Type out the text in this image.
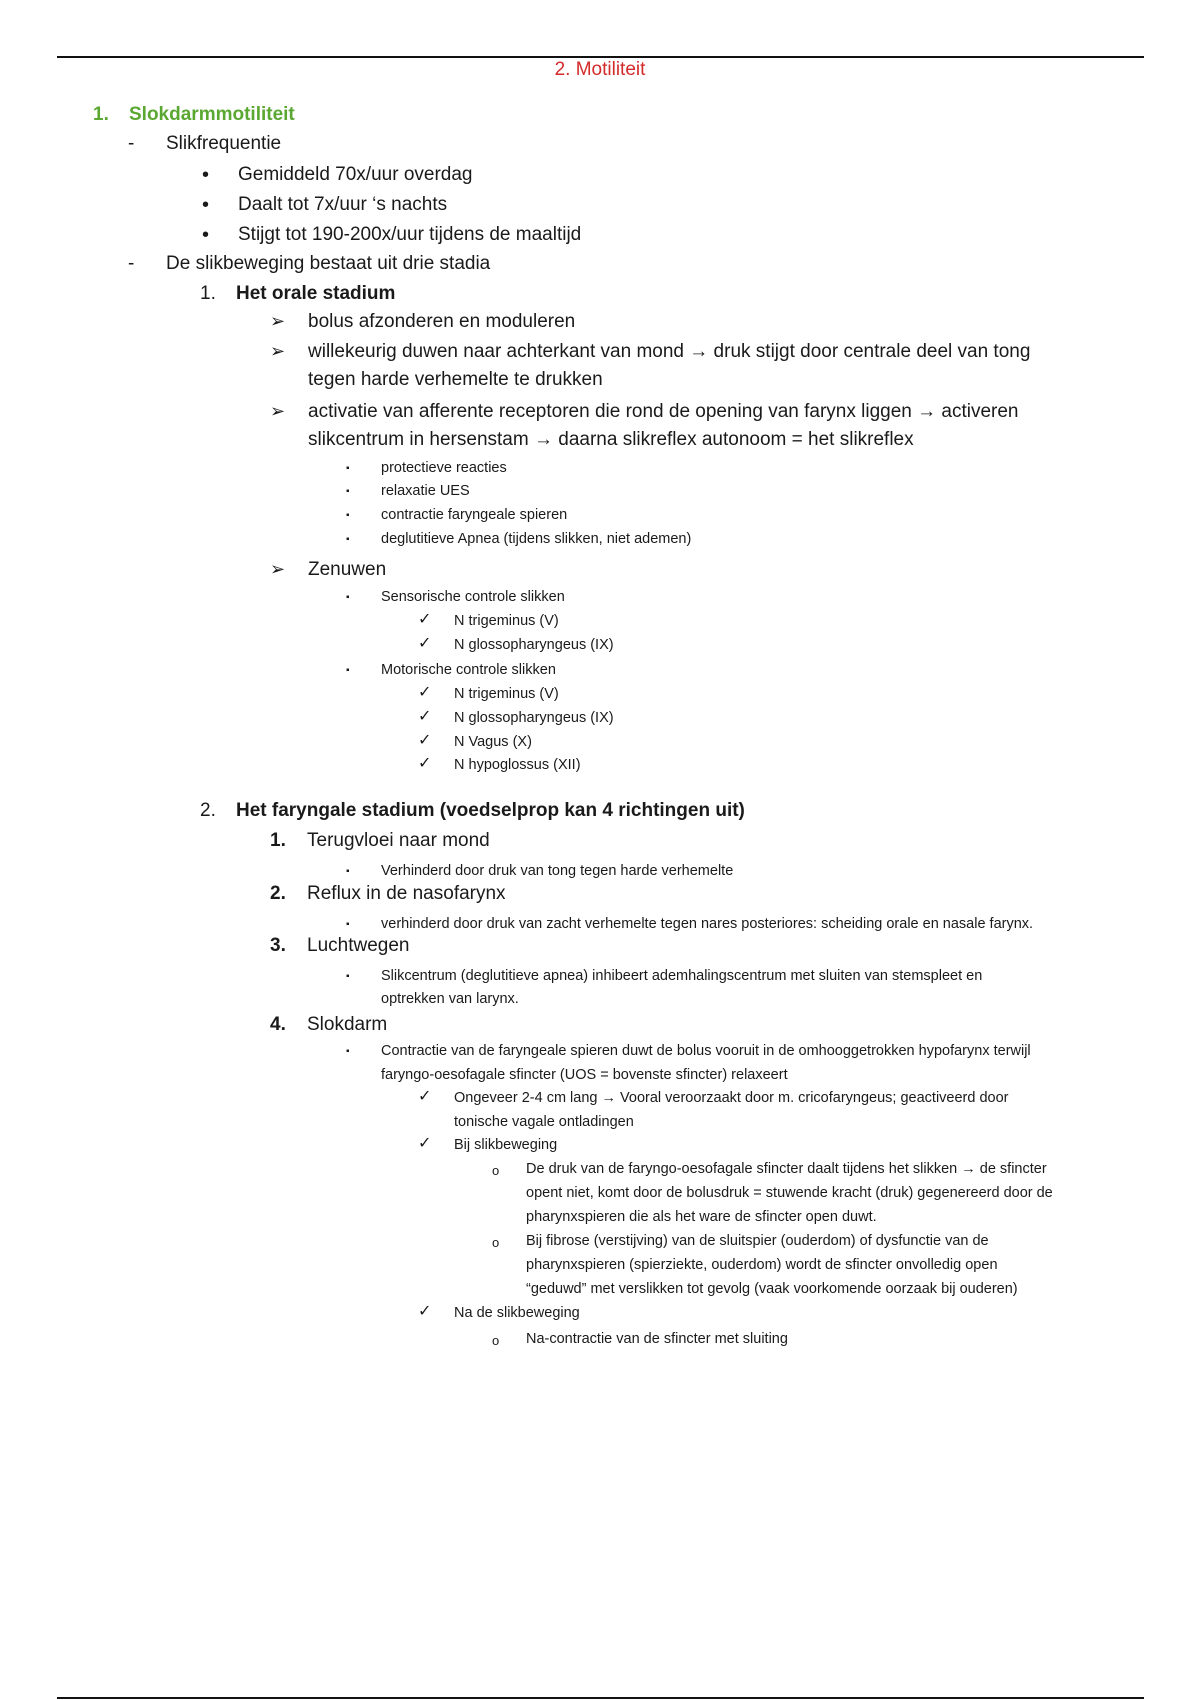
2. Motiliteit
1. Slokdarmmotiliteit
- Slikfrequentie
• Gemiddeld 70x/uur overdag
• Daalt tot 7x/uur ‘s nachts
• Stijgt tot 190-200x/uur tijdens de maaltijd
- De slikbeweging bestaat uit drie stadia
1. Het orale stadium
➢ bolus afzonderen en moduleren
➢ willekeurig duwen naar achterkant van mond → druk stijgt door centrale deel van tong
tegen harde verhemelte te drukken
➢ activatie van afferente receptoren die rond de opening van farynx liggen → activeren
slikcentrum in hersenstam → daarna slikreflex autonoom = het slikreflex
▪ protectieve reacties
▪ relaxatie UES
▪ contractie faryngeale spieren
▪ deglutitieve Apnea (tijdens slikken, niet ademen)
➢ Zenuwen
▪ Sensorische controle slikken
✓ N trigeminus (V)
✓ N glossopharyngeus (IX)
▪ Motorische controle slikken
✓ N trigeminus (V)
✓ N glossopharyngeus (IX)
✓ N Vagus (X)
✓ N hypoglossus (XII)
2. Het faryngale stadium (voedselprop kan 4 richtingen uit)
1. Terugvloei naar mond
▪ Verhinderd door druk van tong tegen harde verhemelte
2. Reflux in de nasofarynx
▪ verhinderd door druk van zacht verhemelte tegen nares posteriores: scheiding orale en nasale farynx.
3. Luchtwegen
▪ Slikcentrum (deglutitieve apnea) inhibeert ademhalingscentrum met sluiten van stemspleet en
optrekken van larynx.
4. Slokdarm
▪ Contractie van de faryngeale spieren duwt de bolus vooruit in de omhooggetrokken hypofarynx terwijl
faryngo-oesofagale sfincter (UOS = bovenste sfincter) relaxeert
✓ Ongeveer 2-4 cm lang → Vooral veroorzaakt door m. cricofaryngeus; geactiveerd door
tonische vagale ontladingen
✓ Bij slikbeweging
o De druk van de faryngo-oesofagale sfincter daalt tijdens het slikken → de sfincter
opent niet, komt door de bolusdruk = stuwende kracht (druk) gegenereerd door de
pharynxspieren die als het ware de sfincter open duwt.
o Bij fibrose (verstijving) van de sluitspier (ouderdom) of dysfunctie van de
pharynxspieren (spierziekte, ouderdom) wordt de sfincter onvolledig open
“geduwd” met verslikken tot gevolg (vaak voorkomende oorzaak bij ouderen)
✓ Na de slikbeweging
o Na-contractie van de sfincter met sluiting
